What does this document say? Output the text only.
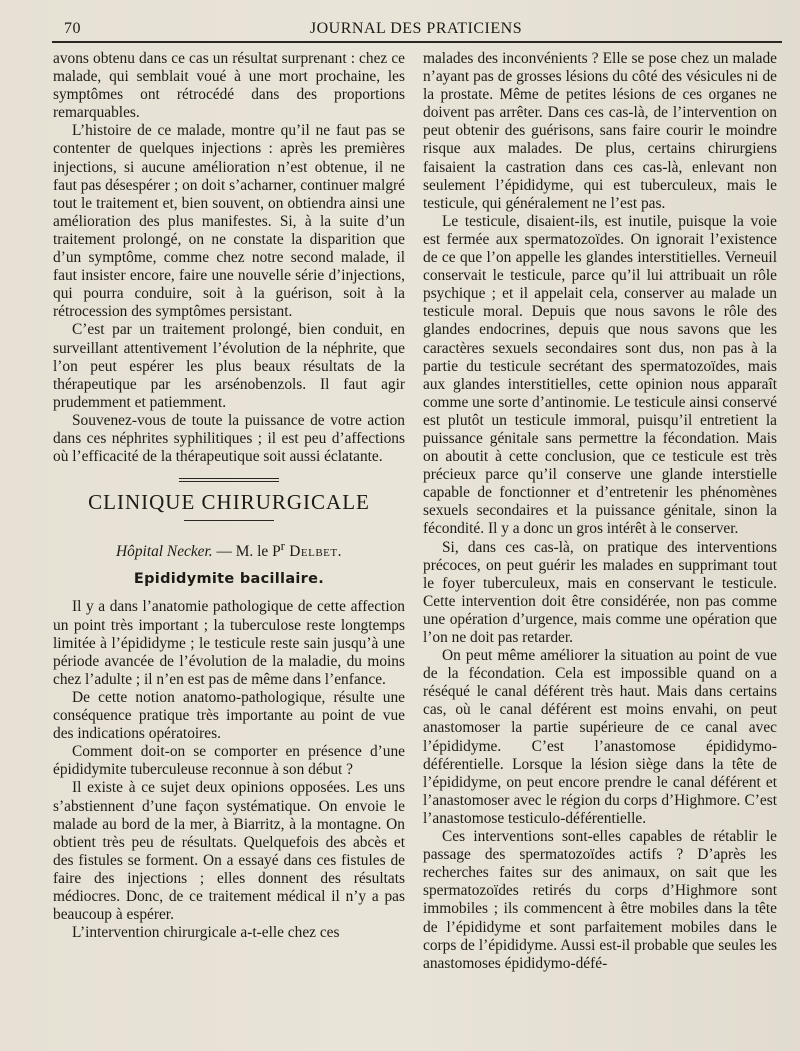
70	JOURNAL DES PRATICIENS

avons obtenu dans ce cas un résultat surprenant : chez ce malade, qui semblait voué à une mort prochaine, les symptômes ont rétrocédé dans des proportions remarquables.

L’histoire de ce malade, montre qu’il ne faut pas se contenter de quelques injections : après les premières injections, si aucune amélioration n’est obtenue, il ne faut pas désespérer ; on doit s’acharner, continuer malgré tout le traitement et, bien souvent, on obtiendra ainsi une amélioration des plus manifestes. Si, à la suite d’un traitement prolongé, on ne constate la disparition que d’un symptôme, comme chez notre second malade, il faut insister encore, faire une nouvelle série d’injections, qui pourra conduire, soit à la guérison, soit à la rétrocession des symptômes persistant.

C’est par un traitement prolongé, bien conduit, en surveillant attentivement l’évolution de la néphrite, que l’on peut espérer les plus beaux résultats de la thérapeutique par les arsénobenzols. Il faut agir prudemment et patiemment.

Souvenez-vous de toute la puissance de votre action dans ces néphrites syphilitiques ; il est peu d’affections où l’efficacité de la thérapeutique soit aussi éclatante.

CLINIQUE CHIRURGICALE
Hôpital Necker. — M. le $P^r$ Delbet.
Epididymite bacillaire.

Il y a dans l’anatomie pathologique de cette affection un point très important ; la tuberculose reste longtemps limitée à l’épididyme ; le testicule reste sain jusqu’à une période avancée de l’évolution de la maladie, du moins chez l’adulte ; il n’en est pas de même dans l’enfance.

De cette notion anatomo-pathologique, résulte une conséquence pratique très importante au point de vue des indications opératoires.

Comment doit-on se comporter en présence d’une épididymite tuberculeuse reconnue à son début ?

Il existe à ce sujet deux opinions opposées. Les uns s’abstiennent d’une façon systématique. On envoie le malade au bord de la mer, à Biarritz, à la montagne. On obtient très peu de résultats. Quelquefois des abcès et des fistules se forment. On a essayé dans ces fistules de faire des injections ; elles donnent des résultats médiocres. Donc, de ce traitement médical il n’y a pas beaucoup à espérer.

L’intervention chirurgicale a-t-elle chez ces

malades des inconvénients ? Elle se pose chez un malade n’ayant pas de grosses lésions du côté des vésicules ni de la prostate. Même de petites lésions de ces organes ne doivent pas arrêter. Dans ces cas-là, de l’intervention on peut obtenir des guérisons, sans faire courir le moindre risque aux malades. De plus, certains chirurgiens faisaient la castration dans ces cas-là, enlevant non seulement l’épididyme, qui est tuberculeux, mais le testicule, qui généralement ne l’est pas.

Le testicule, disaient-ils, est inutile, puisque la voie est fermée aux spermatozoïdes. On ignorait l’existence de ce que l’on appelle les glandes interstitielles. Verneuil conservait le testicule, parce qu’il lui attribuait un rôle psychique ; et il appelait cela, conserver au malade un testicule moral. Depuis que nous savons le rôle des glandes endocrines, depuis que nous savons que les caractères sexuels secondaires sont dus, non pas à la partie du testicule secrétant des spermatozoïdes, mais aux glandes interstitielles, cette opinion nous apparaît comme une sorte d’antinomie. Le testicule ainsi conservé est plutôt un testicule immoral, puisqu’il entretient la puissance génitale sans permettre la fécondation. Mais on aboutit à cette conclusion, que ce testicule est très précieux parce qu’il conserve une glande interstielle capable de fonctionner et d’entretenir les phénomènes sexuels secondaires et la puissance génitale, sinon la fécondité. Il y a donc un gros intérêt à le conserver.

Si, dans ces cas-là, on pratique des interventions précoces, on peut guérir les malades en supprimant tout le foyer tuberculeux, mais en conservant le testicule. Cette intervention doit être considérée, non pas comme une opération d’urgence, mais comme une opération que l’on ne doit pas retarder.

On peut même améliorer la situation au point de vue de la fécondation. Cela est impossible quand on a réséqué le canal déférent très haut. Mais dans certains cas, où le canal déférent est moins envahi, on peut anastomoser la partie supérieure de ce canal avec l’épididyme. C’est l’anastomose épididymo-déférentielle. Lorsque la lésion siège dans la tête de l’épididyme, on peut encore prendre le canal déférent et l’anastomoser avec le région du corps d’Highmore. C’est l’anastomose testiculo-déférentielle.

Ces interventions sont-elles capables de rétablir le passage des spermatozoïdes actifs ? D’après les recherches faites sur des animaux, on sait que les spermatozoïdes retirés du corps d’Highmore sont immobiles ; ils commencent à être mobiles dans la tête de l’épididyme et sont parfaitement mobiles dans le corps de l’épididyme. Aussi est-il probable que seules les anastomoses épididymo-défé-
